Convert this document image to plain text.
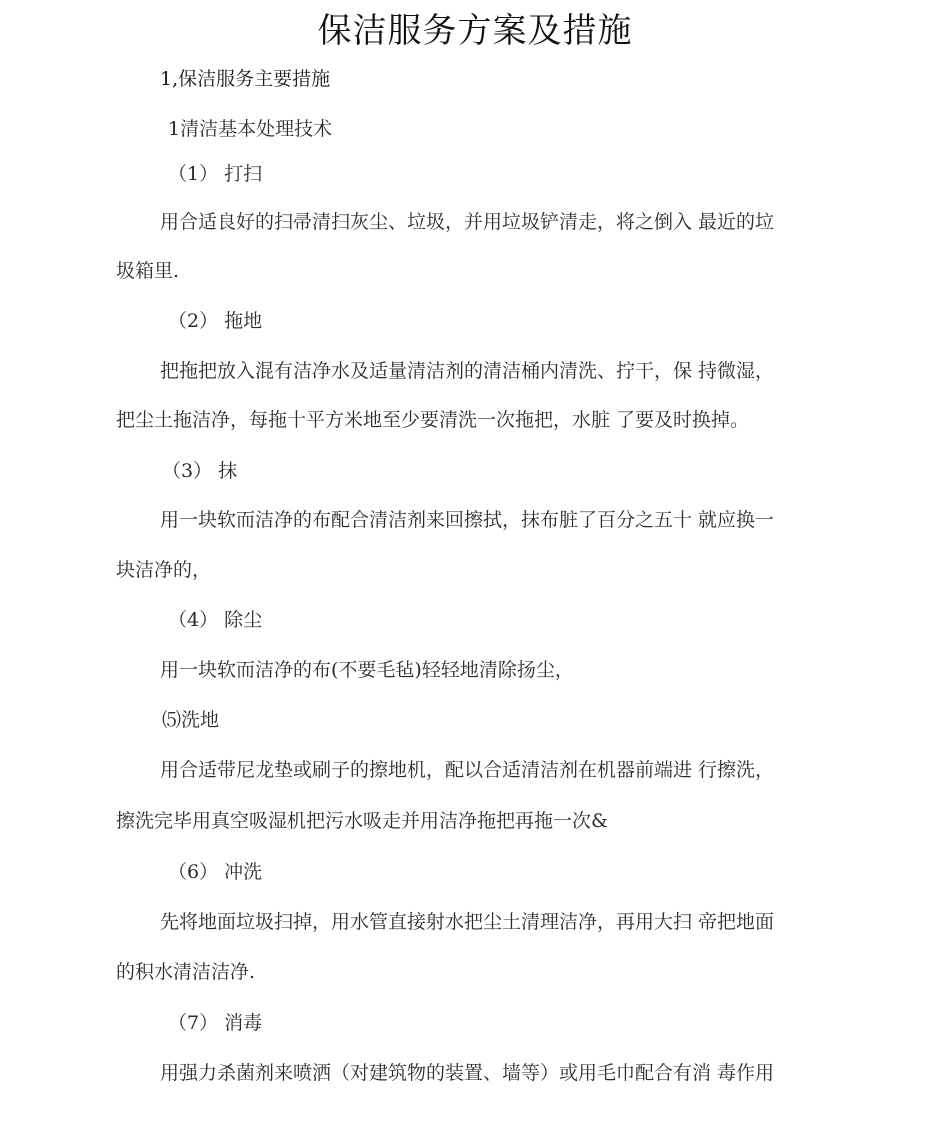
保洁服务方案及措施
1,保洁服务主要措施
1清洁基本处理技术
（1） 打扫
用合适良好的扫帚清扫灰尘、垃圾，并用垃圾铲清走，将之倒入 最近的垃
圾箱里.
（2） 拖地
把拖把放入混有洁净水及适量清洁剂的清洁桶内清洗、拧干，保 持微湿，
把尘土拖洁净，每拖十平方米地至少要清洗一次拖把，水脏 了要及时换掉。
（3） 抹
用一块软而洁净的布配合清洁剂来回擦拭，抹布脏了百分之五十 就应换一
块洁净的，
（4） 除尘
用一块软而洁净的布(不要毛毡)轻轻地清除扬尘，
⑸洗地
用合适带尼龙垫或刷子的擦地机，配以合适清洁剂在机器前端进 行擦洗，
擦洗完毕用真空吸湿机把污水吸走并用洁净拖把再拖一次&
（6） 冲洗
先将地面垃圾扫掉，用水管直接射水把尘土清理洁净，再用大扫 帝把地面
的积水清洁洁净.
（7） 消毒
用强力杀菌剂来喷洒（对建筑物的装置、墙等）或用毛巾配合有消 毒作用
